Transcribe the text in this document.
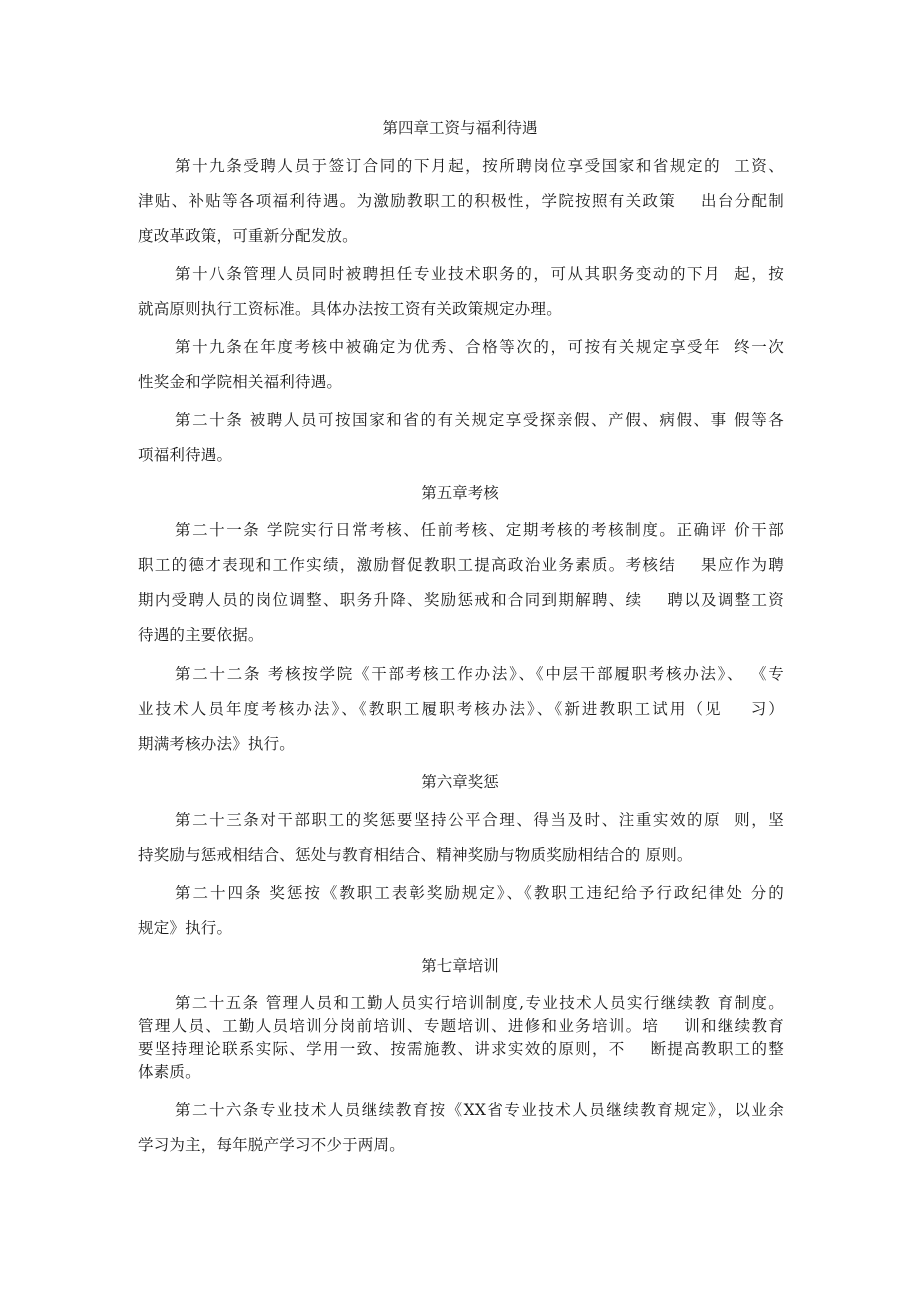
第四章工资与福利待遇
第十九条受聘人员于签订合同的下月起，按所聘岗位享受国家和省规定的  工资、
津贴、补贴等各项福利待遇。为激励教职工的积极性，学院按照有关政策    出台分配制
度改革政策，可重新分配发放。
第十八条管理人员同时被聘担任专业技术职务的，可从其职务变动的下月  起，按
就高原则执行工资标准。具体办法按工资有关政策规定办理。
第十九条在年度考核中被确定为优秀、合格等次的，可按有关规定享受年  终一次
性奖金和学院相关福利待遇。
第二十条 被聘人员可按国家和省的有关规定享受探亲假、产假、病假、事 假等各
项福利待遇。
第五章考核
第二十一条 学院实行日常考核、任前考核、定期考核的考核制度。正确评 价干部
职工的德才表现和工作实绩，激励督促教职工提高政治业务素质。考核结    果应作为聘
期内受聘人员的岗位调整、职务升降、奖励惩戒和合同到期解聘、续    聘以及调整工资
待遇的主要依据。
第二十二条 考核按学院《干部考核工作办法》、《中层干部履职考核办法》、 《专
业技术人员年度考核办法》、《教职工履职考核办法》、《新进教职工试用（见    习）
期满考核办法》执行。
第六章奖惩
第二十三条对干部职工的奖惩要坚持公平合理、得当及时、注重实效的原  则，坚
持奖励与惩戒相结合、惩处与教育相结合、精神奖励与物质奖励相结合的 原则。
第二十四条 奖惩按《教职工表彰奖励规定》、《教职工违纪给予行政纪律处 分的
规定》执行。
第七章培训
第二十五条 管理人员和工勤人员实行培训制度,专业技术人员实行继续教 育制度。
管理人员、工勤人员培训分岗前培训、专题培训、进修和业务培训。培    训和继续教育
要坚持理论联系实际、学用一致、按需施教、讲求实效的原则，不    断提高教职工的整
体素质。
第二十六条专业技术人员继续教育按《XX省专业技术人员继续教育规定》，以业余
学习为主，每年脱产学习不少于两周。
